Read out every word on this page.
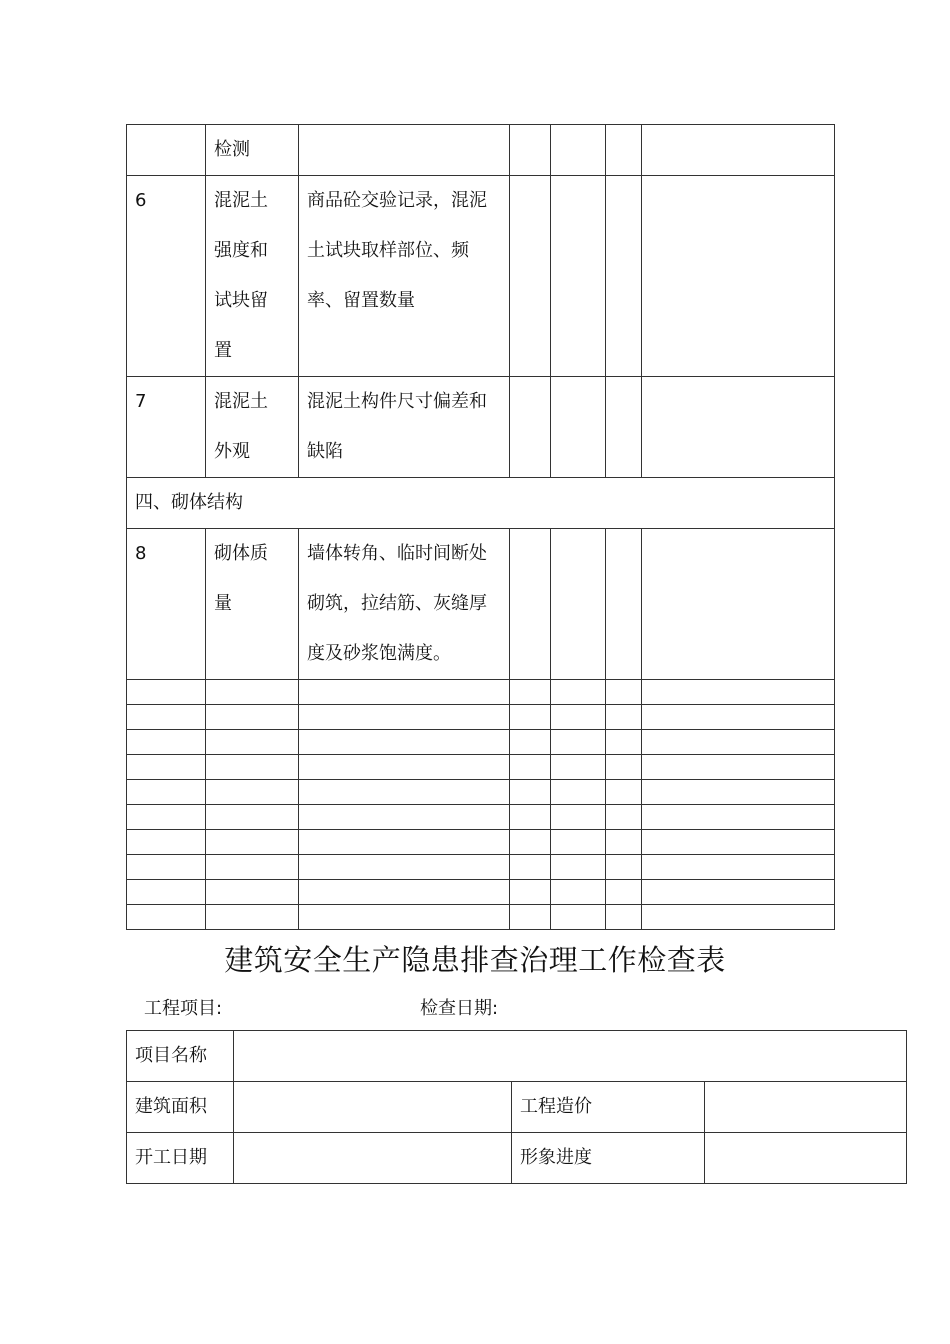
	检测					

6	混泥土
强度和
试块留
置	商品砼交验记录，混泥
土试块取样部位、频
率、留置数量				

7	混泥土
外观	混泥土构件尺寸偏差和
缺陷				

四、砌体结构						

8	砌体质
量	墙体转角、临时间断处
砌筑，拉结筋、灰缝厚
度及砂浆饱满度。				

建筑安全生产隐患排查治理工作检查表
工程项目:	检查日期:
项目名称			
建筑面积		工程造价	
开工日期		形象进度	
